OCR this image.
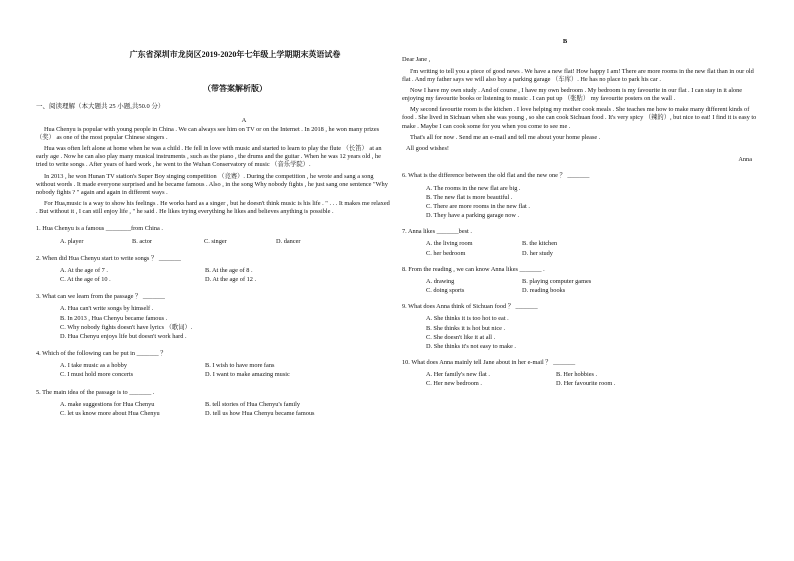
广东省深圳市龙岗区2019-2020年七年级上学期期末英语试卷
（带答案解析版）
一、阅读理解（本大题共 25 小题,共50.0 分）
A

Hua Chenyu is popular with young people in China . We can always see him on TV or on the Internet . In 2018 , he won many prizes （奖） as one of the most popular Chinese singers .

Hua was often left alone at home when he was a child . He fell in love with music and started to learn to play the flute （长笛） at an early age . Now he can also play many musical instruments , such as the piano , the drums and the guitar . When he was 12 years old , he tried to write songs . After years of hard work , he went to the Wuhan Conservatory of music （音乐学院）.

In 2013 , he won Hunan TV station's Super Boy singing competition （竞赛）. During the competition , he wrote and sang a song without words . It made everyone surprised and he became famous . Also , in the song Why nobody fights , he just sang one sentence "Why nobody fights ? " again and again in different ways .

For Hua,music is a way to show his feelings . He works hard as a singer , but he doesn't think music is his life . " . . . It makes me relaxed . But without it , I can still enjoy life , " he said . He likes trying everything he likes and believes anything is possible .

1. Hua Chenyu is a famous ________from China .
A. player	B. actor	C. singer	D. dancer
2. When did Hua Chenyu start to write songs ？ _______
A. At the age of 7 .	B. At the age of 8 .
C. At the age of 10 .	D. At the age of 12 .
3. What can we learn from the passage ？ _______
A. Hua can't write songs by himself .
B. In 2013 , Hua Chenyu became famous .
C. Why nobody fights doesn't have lyrics （歌词）.
D. Hua Chenyu enjoys life but doesn't work hard .
4. Which of the following can be put in _______ ？
A. I take music as a hobby	B. I wish to have more fans
C. I must hold more concerts	D. I want to make amazing music
5. The main idea of the passage is to _______ .
A. make suggestions for Hua Chenyu	B. tell stories of Hua Chenyu's family
C. let us know more about Hua Chenyu	D. tell us how Hua Chenyu became famous
B
Dear Jane ,

I'm writing to tell you a piece of good news . We have a new flat! How happy I am! There are more rooms in the new flat than in our old flat . And my father says we will also buy a parking garage （车库）. He has no place to park his car .

Now I have my own study . And of course , I have my own bedroom . My bedroom is my favourite in our flat . I can stay in it alone enjoying my favourite books or listening to music . I can put up （张贴） my favourite posters on the wall .

My second favourite room is the kitchen . I love helping my mother cook meals . She teaches me how to make many different kinds of food . She lived in Sichuan when she was young , so she can cook Sichuan food . It's very spicy （辣的）, but nice to eat! I find it is easy to make . Maybe I can cook some for you when you come to see me .

That's all for now . Send me an e-mail and tell me about your home please .

All good wishes!
Anna
6. What is the difference between the old flat and the new one ？ _______
A. The rooms in the new flat are big .
B. The new flat is more beautiful .
C. There are more rooms in the new flat .
D. They have a parking garage now .
7. Anna likes _______best .
A. the living room	B. the kitchen
C. her bedroom	D. her study
8. From the reading , we can know Anna likes _______ .
A. drawing	B. playing computer games
C. doing sports	D. reading books
9. What does Anna think of Sichuan food ？ _______
A. She thinks it is too hot to eat .
B. She thinks it is hot but nice .
C. She doesn't like it at all .
D. She thinks it's not easy to make .
10. What does Anna mainly tell Jane about in her e-mail ？ _______
A. Her family's new flat .	B. Her hobbies .
C. Her new bedroom .	D. Her favourite room .
